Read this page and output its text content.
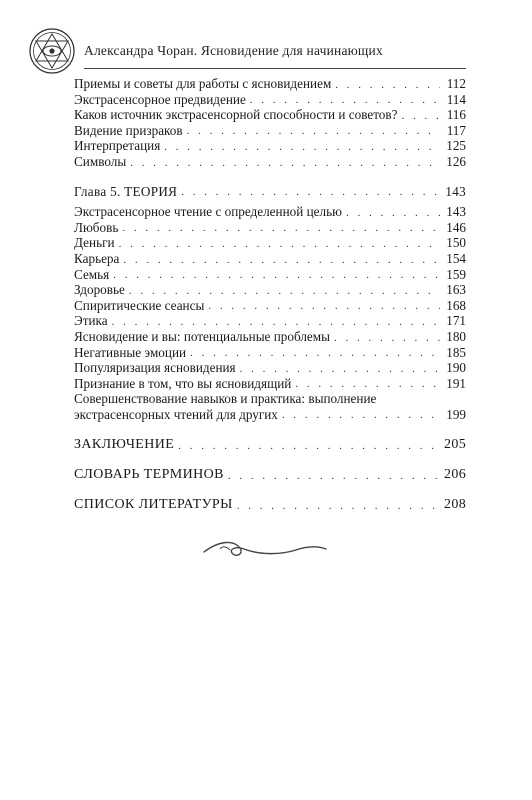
Александра Чоран. Ясновидение для начинающих
Приемы и советы для работы с ясновидением . . .	112
Экстрасенсорное предвидение . . .	114
Каков источник экстрасенсорной способности и советов? . . .	116
Видение призраков . . .	117
Интерпретация . . .	125
Символы . . .	126
Глава 5. ТЕОРИЯ . . .	143
Экстрасенсорное чтение с определенной целью . . .	143
Любовь . . .	146
Деньги . . .	150
Карьера . . .	154
Семья . . .	159
Здоровье . . .	163
Спиритические сеансы . . .	168
Этика . . .	171
Ясновидение и вы: потенциальные проблемы . . .	180
Негативные эмоции . . .	185
Популяризация ясновидения . . .	190
Признание в том, что вы ясновидящий . . .	191
Совершенствование навыков и практика: выполнение
экстрасенсорных чтений для других . . .	199
ЗАКЛЮЧЕНИЕ . . .	205
СЛОВАРЬ ТЕРМИНОВ . . .	206
СПИСОК ЛИТЕРАТУРЫ . . .	208
